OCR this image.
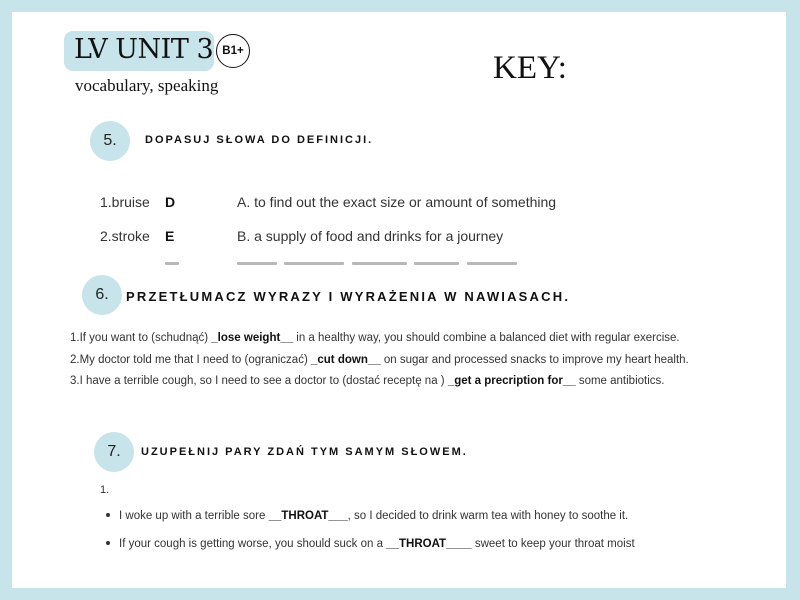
LV UNIT 3 B1+
vocabulary, speaking	KEY:
5.	DOPASUJ SŁOWA DO DEFINICJI.
1.bruise D	A. to find out the exact size or amount of something
2.stroke E	B. a supply of food and drinks for a journey
6.	PRZETŁUMACZ WYRAZY I WYRAŻENIA W NAWIASACH.
1.If you want to (schudnąć) _lose weight__ in a healthy way, you should combine a balanced diet with regular exercise.
2.My doctor told me that I need to (ograniczać) _cut down__ on sugar and processed snacks to improve my heart health.
3.I have a terrible cough, so I need to see a doctor to (dostać receptę na ) _get a precription for__ some antibiotics.
7.	UZUPEŁNIJ PARY ZDAŃ TYM SAMYM SŁOWEM.
1.
I woke up with a terrible sore __THROAT___, so I decided to drink warm tea with honey to soothe it.
If your cough is getting worse, you should suck on a __THROAT____ sweet to keep your throat moist
